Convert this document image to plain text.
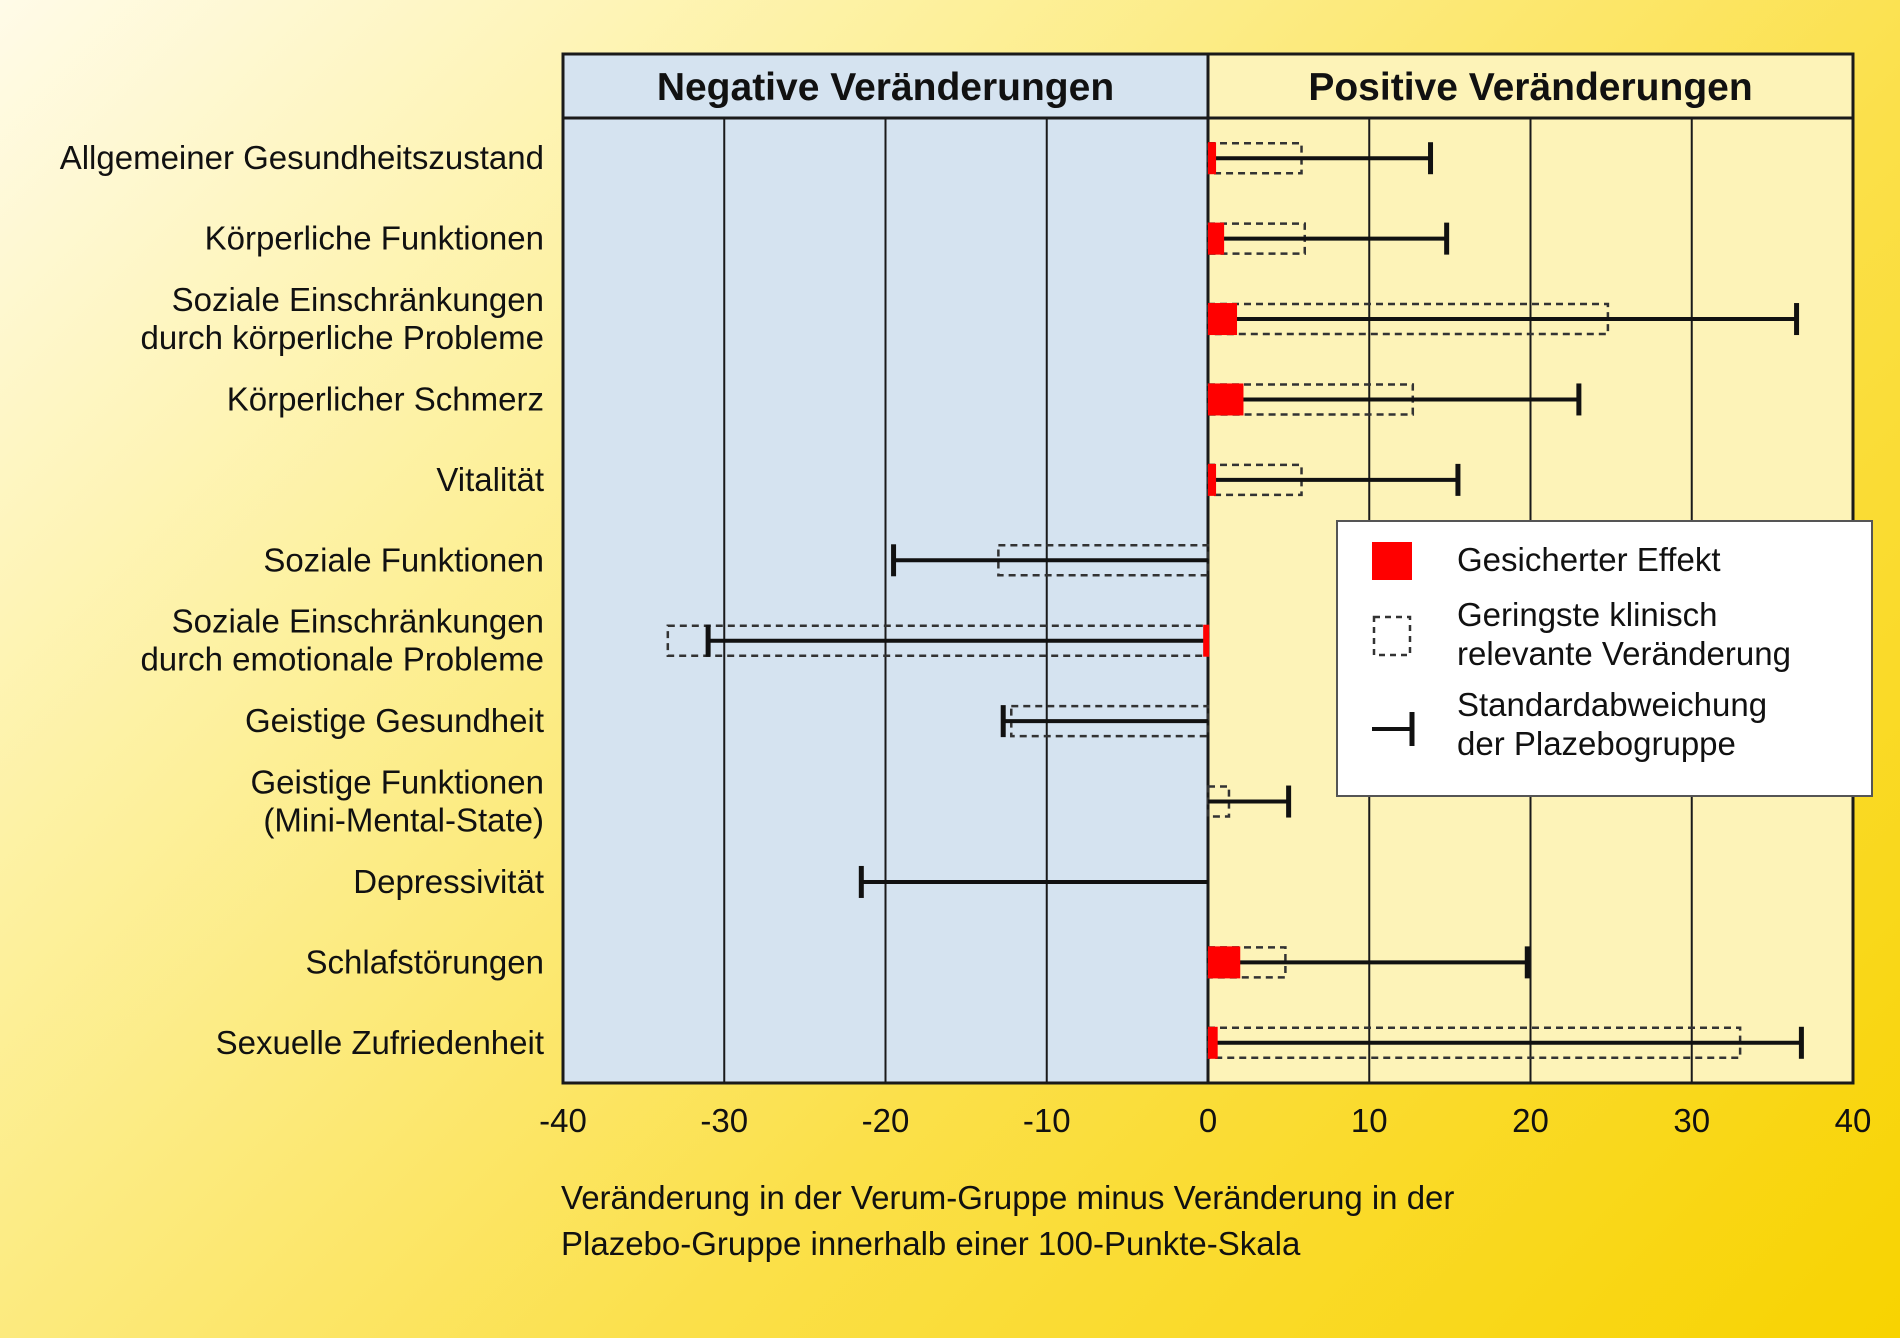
Negative Veränderungen	Positive Veränderungen
Allgemeiner Gesundheitszustand
Körperliche Funktionen
Soziale Einschränkungen
durch körperliche Probleme
Körperlicher Schmerz
Vitalität
Soziale Funktionen
Soziale Einschränkungen
durch emotionale Probleme
Geistige Gesundheit
Geistige Funktionen
(Mini-Mental-State)
Depressivität
Schlafstörungen
Sexuelle Zufriedenheit
-40	-30	-20	-10	0	10	20	30	40
Veränderung in der Verum-Gruppe minus Veränderung in der
Plazebo-Gruppe innerhalb einer 100-Punkte-Skala
Gesicherter Effekt
Geringste klinisch
relevante Veränderung
Standardabweichung
der Plazebogruppe
